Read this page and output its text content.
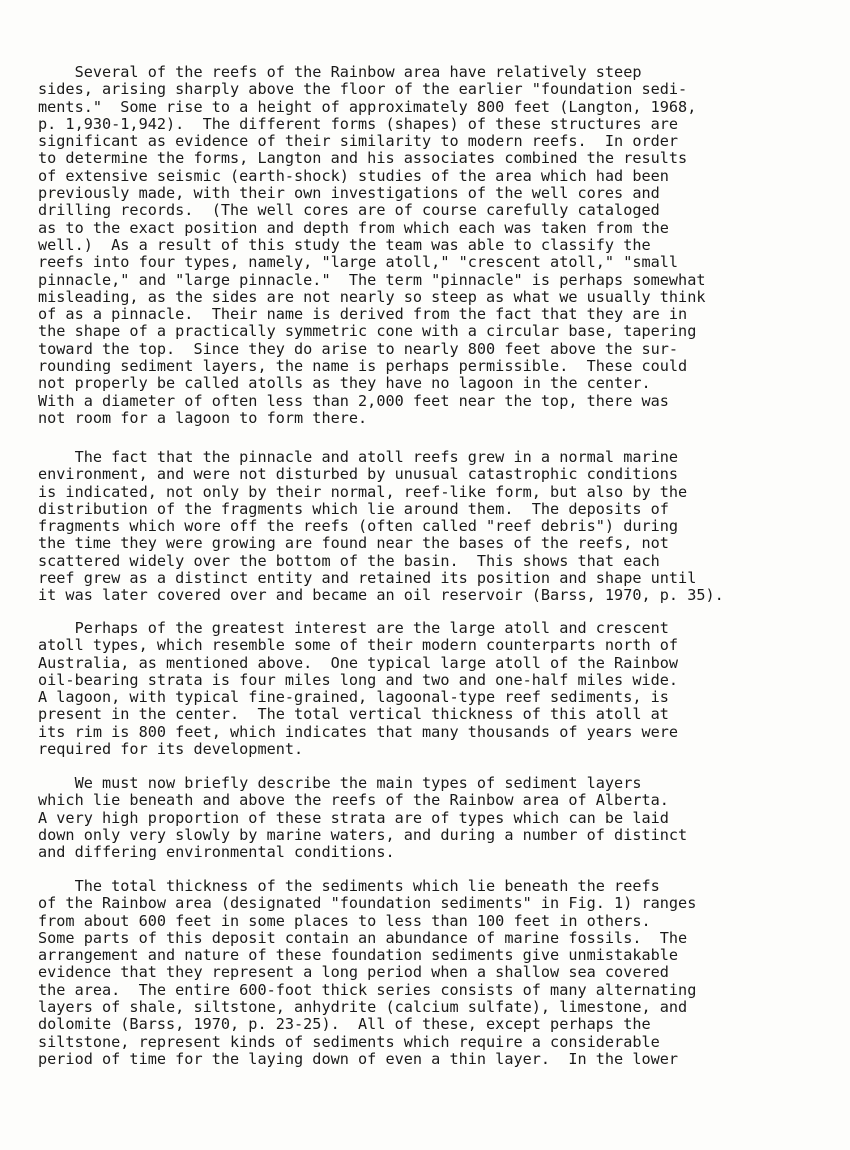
Several of the reefs of the Rainbow area have relatively steep
sides, arising sharply above the floor of the earlier "foundation sedi-
ments."  Some rise to a height of approximately 800 feet (Langton, 1968,
p. 1,930-1,942).  The different forms (shapes) of these structures are
significant as evidence of their similarity to modern reefs.  In order
to determine the forms, Langton and his associates combined the results
of extensive seismic (earth-shock) studies of the area which had been
previously made, with their own investigations of the well cores and
drilling records.  (The well cores are of course carefully cataloged
as to the exact position and depth from which each was taken from the
well.)  As a result of this study the team was able to classify the
reefs into four types, namely, "large atoll," "crescent atoll," "small
pinnacle," and "large pinnacle."  The term "pinnacle" is perhaps somewhat
misleading, as the sides are not nearly so steep as what we usually think
of as a pinnacle.  Their name is derived from the fact that they are in
the shape of a practically symmetric cone with a circular base, tapering
toward the top.  Since they do arise to nearly 800 feet above the sur-
rounding sediment layers, the name is perhaps permissible.  These could
not properly be called atolls as they have no lagoon in the center.
With a diameter of often less than 2,000 feet near the top, there was
not room for a lagoon to form there.
The fact that the pinnacle and atoll reefs grew in a normal marine
environment, and were not disturbed by unusual catastrophic conditions
is indicated, not only by their normal, reef-like form, but also by the
distribution of the fragments which lie around them.  The deposits of
fragments which wore off the reefs (often called "reef debris") during
the time they were growing are found near the bases of the reefs, not
scattered widely over the bottom of the basin.  This shows that each
reef grew as a distinct entity and retained its position and shape until
it was later covered over and became an oil reservoir (Barss, 1970, p. 35).
Perhaps of the greatest interest are the large atoll and crescent
atoll types, which resemble some of their modern counterparts north of
Australia, as mentioned above.  One typical large atoll of the Rainbow
oil-bearing strata is four miles long and two and one-half miles wide.
A lagoon, with typical fine-grained, lagoonal-type reef sediments, is
present in the center.  The total vertical thickness of this atoll at
its rim is 800 feet, which indicates that many thousands of years were
required for its development.
We must now briefly describe the main types of sediment layers
which lie beneath and above the reefs of the Rainbow area of Alberta.
A very high proportion of these strata are of types which can be laid
down only very slowly by marine waters, and during a number of distinct
and differing environmental conditions.
The total thickness of the sediments which lie beneath the reefs
of the Rainbow area (designated "foundation sediments" in Fig. 1) ranges
from about 600 feet in some places to less than 100 feet in others.
Some parts of this deposit contain an abundance of marine fossils.  The
arrangement and nature of these foundation sediments give unmistakable
evidence that they represent a long period when a shallow sea covered
the area.  The entire 600-foot thick series consists of many alternating
layers of shale, siltstone, anhydrite (calcium sulfate), limestone, and
dolomite (Barss, 1970, p. 23-25).  All of these, except perhaps the
siltstone, represent kinds of sediments which require a considerable
period of time for the laying down of even a thin layer.  In the lower
